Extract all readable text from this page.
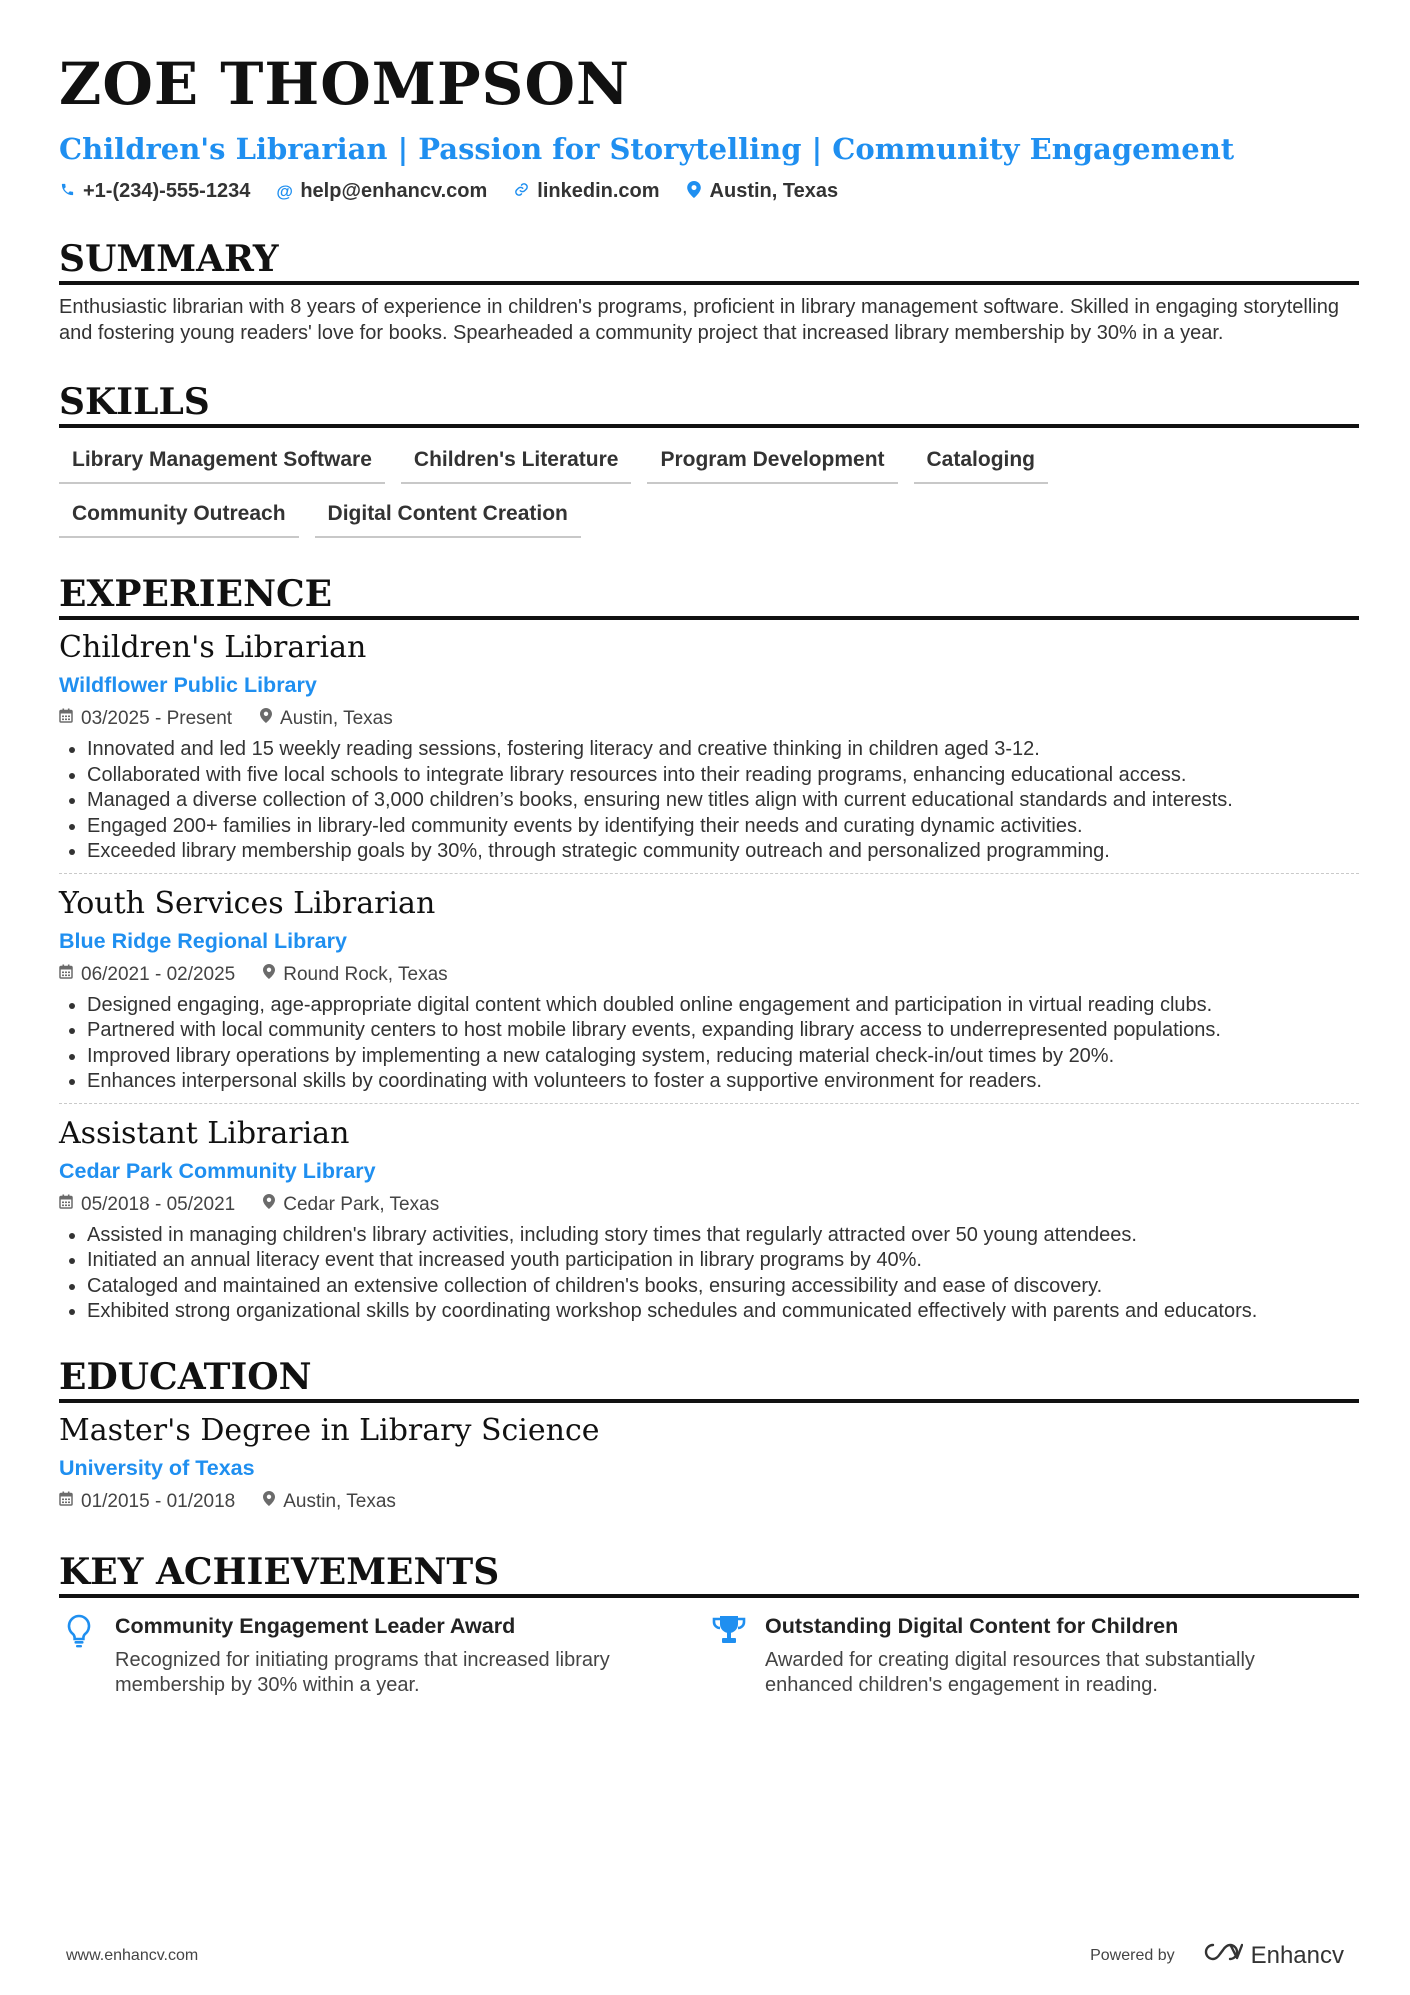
ZOE THOMPSON
Children's Librarian | Passion for Storytelling | Community Engagement
+1-(234)-555-1234 @ help@enhancv.com	linkedin.com	Austin, Texas
SUMMARY
Enthusiastic librarian with 8 years of experience in children's programs, proficient in library management software. Skilled in engaging storytelling and fostering young readers' love for books. Spearheaded a community project that increased library membership by 30% in a year.
SKILLS
Library Management Software	Children's Literature	Program Development	Cataloging
Community Outreach	Digital Content Creation
EXPERIENCE
Children's Librarian
Wildflower Public Library
03/2025 - Present	Austin, Texas
• Innovated and led 15 weekly reading sessions, fostering literacy and creative thinking in children aged 3-12.
• Collaborated with five local schools to integrate library resources into their reading programs, enhancing educational access.
• Managed a diverse collection of 3,000 children’s books, ensuring new titles align with current educational standards and interests.
• Engaged 200+ families in library-led community events by identifying their needs and curating dynamic activities.
• Exceeded library membership goals by 30%, through strategic community outreach and personalized programming.
Youth Services Librarian
Blue Ridge Regional Library
06/2021 - 02/2025	Round Rock, Texas
• Designed engaging, age-appropriate digital content which doubled online engagement and participation in virtual reading clubs.
• Partnered with local community centers to host mobile library events, expanding library access to underrepresented populations.
• Improved library operations by implementing a new cataloging system, reducing material check-in/out times by 20%.
• Enhances interpersonal skills by coordinating with volunteers to foster a supportive environment for readers.
Assistant Librarian
Cedar Park Community Library
05/2018 - 05/2021	Cedar Park, Texas
• Assisted in managing children's library activities, including story times that regularly attracted over 50 young attendees.
• Initiated an annual literacy event that increased youth participation in library programs by 40%.
• Cataloged and maintained an extensive collection of children's books, ensuring accessibility and ease of discovery.
• Exhibited strong organizational skills by coordinating workshop schedules and communicated effectively with parents and educators.
EDUCATION
Master's Degree in Library Science
University of Texas
01/2015 - 01/2018	Austin, Texas
KEY ACHIEVEMENTS
Community Engagement Leader Award
Recognized for initiating programs that increased library membership by 30% within a year.
Outstanding Digital Content for Children
Awarded for creating digital resources that substantially enhanced children's engagement in reading.
www.enhancv.com	Powered by	Enhancv
